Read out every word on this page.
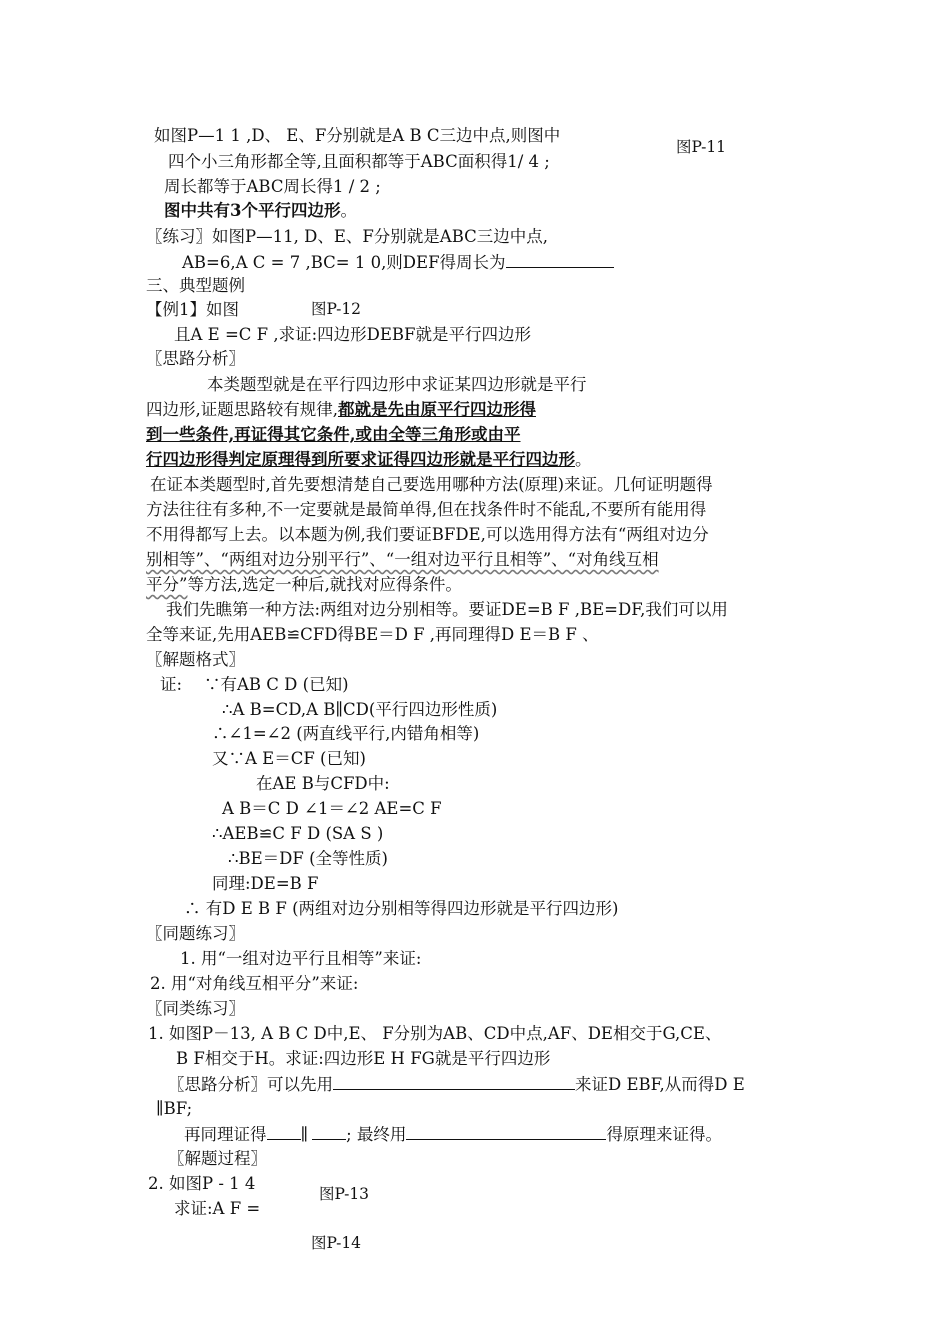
图P-11
图P-12
图P-13
图P-14
如图P—1 1 ,D、 E、F分别就是A B C三边中点,则图中
四个小三角形都全等,且面积都等于ABC面积得1/ 4 ;
周长都等于ABC周长得1 / 2 ;
图中共有3个平行四边形。
〖练习〗如图P—11, D、E、F分别就是ABC三边中点,
AB=6,A C = 7 ,BC= 1 0,则DEF得周长为
三、典型题例
【例1】如图
且A E =C F ,求证:四边形DEBF就是平行四边形
〖思路分析〗
本类题型就是在平行四边形中求证某四边形就是平行
四边形,证题思路较有规律,都就是先由原平行四边形得
到一些条件,再证得其它条件,或由全等三角形或由平
行四边形得判定原理得到所要求证得四边形就是平行四边形。
在证本类题型时,首先要想清楚自己要选用哪种方法(原理)来证。几何证明题得
方法往往有多种,不一定要就是最简单得,但在找条件时不能乱,不要所有能用得
不用得都写上去。以本题为例,我们要证BFDE,可以选用得方法有“两组对边分
别相等”、“两组对边分别平行”、“一组对边平行且相等”、“对角线互相
平分”等方法,选定一种后,就找对应得条件。
我们先瞧第一种方法:两组对边分别相等。要证DE=B F ,BE=DF,我们可以用
全等来证,先用AEB≌CFD得BE＝D F ,再同理得D E＝B F 、
〖解题格式〗
证: ∵有AB C D (已知)
∴A B=CD,A B∥CD(平行四边形性质)
∴∠1=∠2 (两直线平行,内错角相等)
又∵A E＝CF (已知)
在AE B与CFD中:
A B＝C D ∠1＝∠2 AE=C F
∴AEB≌C F D (SA S )
∴BE＝DF (全等性质)
同理:DE=B F
∴ 有D E B F (两组对边分别相等得四边形就是平行四边形)
〖同题练习〗
1. 用“一组对边平行且相等”来证:
2. 用“对角线互相平分”来证:
〖同类练习〗
1. 如图P－13, A B C D中,E、 F分别为AB、CD中点,AF、DE相交于G,CE、
B F相交于H。求证:四边形E H FG就是平行四边形
〖思路分析〗可以先用	来证D EBF,从而得D E
∥BF;
再同理证得 ∥ ; 最终用	得原理来证得。
〖解题过程〗
2. 如图P - 1 4
求证:A F =
